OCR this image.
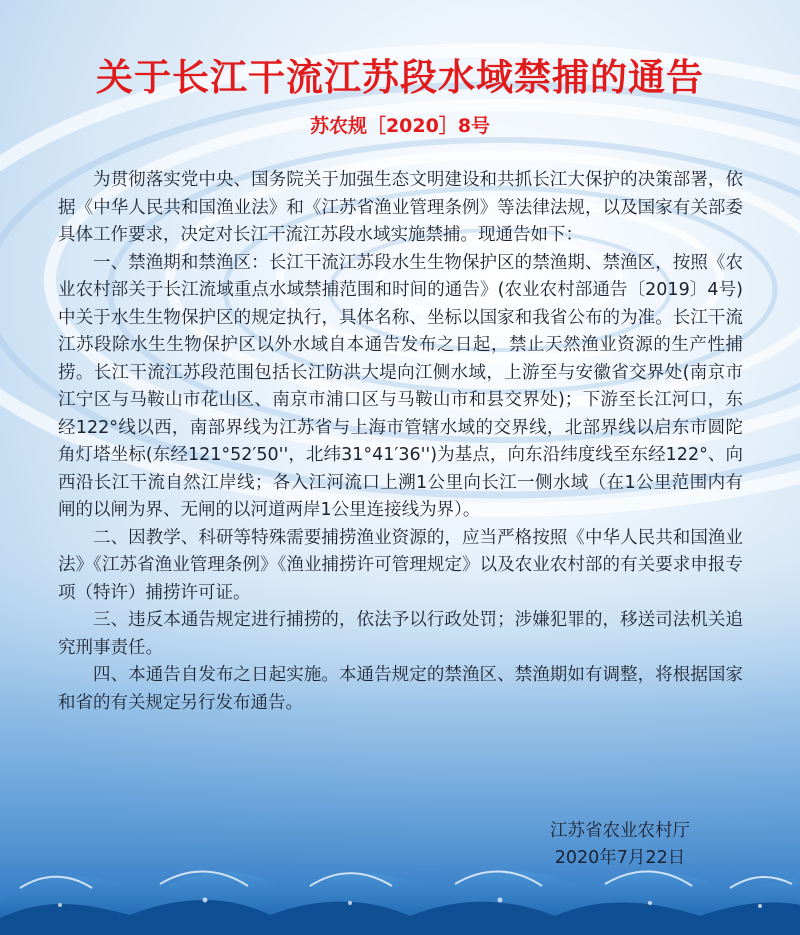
关于长江干流江苏段水域禁捕的通告
苏农规［2020］8号

为贯彻落实党中央、国务院关于加强生态文明建设和共抓长江大保护的决策部署，依据《中华人民共和国渔业法》和《江苏省渔业管理条例》等法律法规，以及国家有关部委具体工作要求，决定对长江干流江苏段水域实施禁捕。现通告如下：

一、禁渔期和禁渔区：长江干流江苏段水生生物保护区的禁渔期、禁渔区，按照《农业农村部关于长江流域重点水域禁捕范围和时间的通告》(农业农村部通告〔2019〕4号)中关于水生生物保护区的规定执行，具体名称、坐标以国家和我省公布的为准。长江干流江苏段除水生生物保护区以外水域自本通告发布之日起，禁止天然渔业资源的生产性捕捞。长江干流江苏段范围包括长江防洪大堤向江侧水域，上游至与安徽省交界处(南京市江宁区与马鞍山市花山区、南京市浦口区与马鞍山市和县交界处)；下游至长江河口，东经122°线以西，南部界线为江苏省与上海市管辖水域的交界线，北部界线以启东市圆陀角灯塔坐标(东经121°52′50''，北纬31°41′36'')为基点，向东沿纬度线至东经122°、向西沿长江干流自然江岸线；各入江河流口上溯1公里向长江一侧水域（在1公里范围内有闸的以闸为界、无闸的以河道两岸1公里连接线为界）。

二、因教学、科研等特殊需要捕捞渔业资源的，应当严格按照《中华人民共和国渔业法》《江苏省渔业管理条例》《渔业捕捞许可管理规定》以及农业农村部的有关要求申报专项（特许）捕捞许可证。

三、违反本通告规定进行捕捞的，依法予以行政处罚；涉嫌犯罪的，移送司法机关追究刑事责任。

四、本通告自发布之日起实施。本通告规定的禁渔区、禁渔期如有调整，将根据国家和省的有关规定另行发布通告。

江苏省农业农村厅
2020年7月22日
